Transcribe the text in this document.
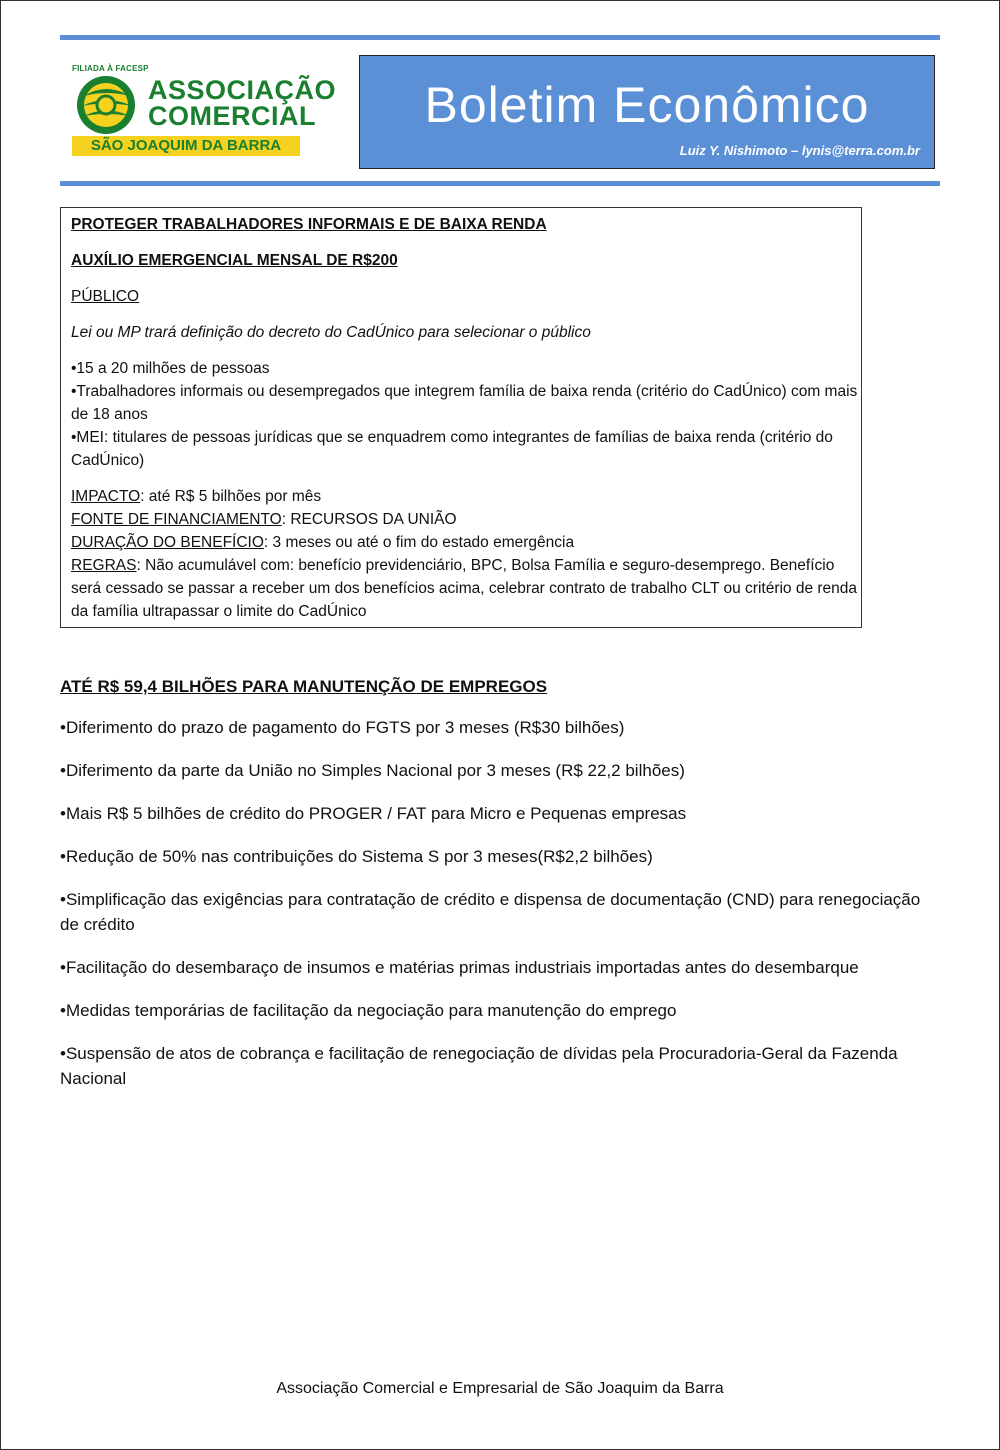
FILIADA À FACESP
ASSOCIAÇÃO
COMERCIAL
SÃO JOAQUIM DA BARRA
Boletim Econômico
Luiz Y. Nishimoto – lynis@terra.com.br

PROTEGER TRABALHADORES INFORMAIS E DE BAIXA RENDA

AUXÍLIO EMERGENCIAL MENSAL DE R$200

PÚBLICO

Lei ou MP trará definição do decreto do CadÚnico para selecionar o público

•15 a 20 milhões de pessoas

•Trabalhadores informais ou desempregados que integrem família de baixa renda (critério do CadÚnico) com mais de 18 anos

•MEI: titulares de pessoas jurídicas que se enquadrem como integrantes de famílias de baixa renda (critério do CadÚnico)

IMPACTO: até R$ 5 bilhões por mês

FONTE DE FINANCIAMENTO: RECURSOS DA UNIÃO

DURAÇÃO DO BENEFÍCIO: 3 meses ou até o fim do estado emergência

REGRAS: Não acumulável com: benefício previdenciário, BPC, Bolsa Família e seguro-desemprego. Benefício será cessado se passar a receber um dos benefícios acima, celebrar contrato de trabalho CLT ou critério de renda da família ultrapassar o limite do CadÚnico

ATÉ R$ 59,4 BILHÕES PARA MANUTENÇÃO DE EMPREGOS

•Diferimento do prazo de pagamento do FGTS por 3 meses (R$30 bilhões)

•Diferimento da parte da União no Simples Nacional por 3 meses (R$ 22,2 bilhões)

•Mais R$ 5 bilhões de crédito do PROGER / FAT para Micro e Pequenas empresas

•Redução de 50% nas contribuições do Sistema S por 3 meses(R$2,2 bilhões)

•Simplificação das exigências para contratação de crédito e dispensa de documentação (CND) para renegociação de crédito

•Facilitação do desembaraço de insumos e matérias primas industriais importadas antes do desembarque

•Medidas temporárias de facilitação da negociação para manutenção do emprego

•Suspensão de atos de cobrança e facilitação de renegociação de dívidas pela Procuradoria-Geral da Fazenda Nacional

Associação Comercial e Empresarial de São Joaquim da Barra
